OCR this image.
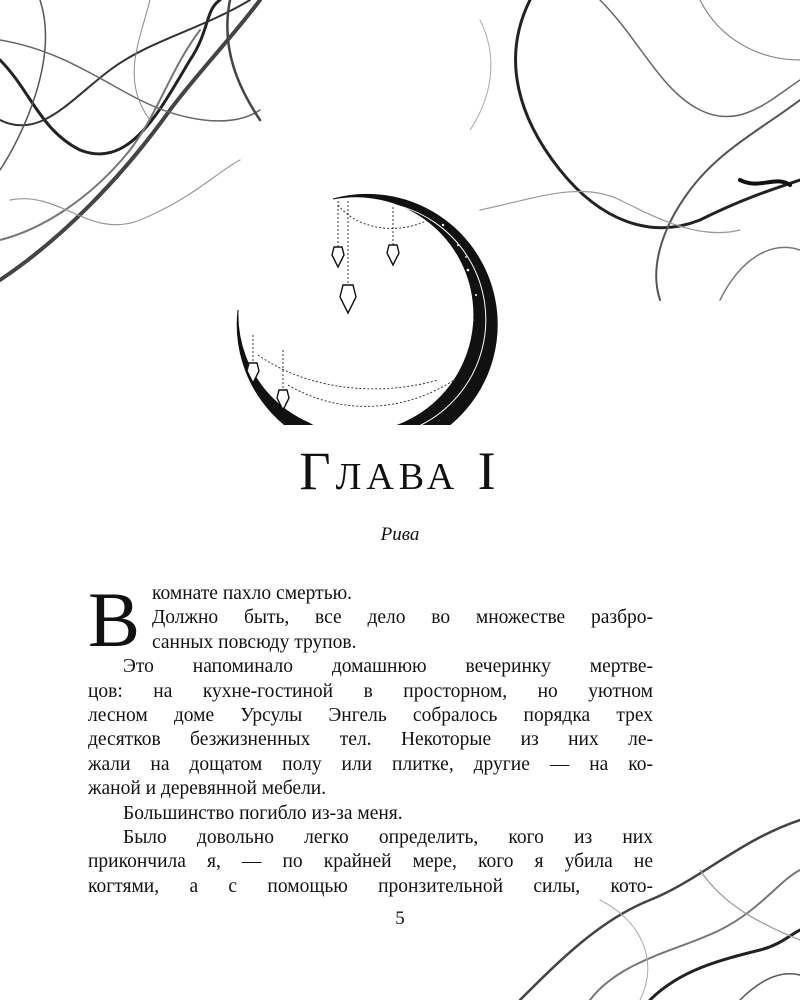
Глава I
Рива
В комнате пахло смертью.

Должно быть, все дело во множестве разбро-

санных повсюду трупов.

Это напоминало домашнюю вечеринку мертве-

цов: на кухне-гостиной в просторном, но уютном

лесном доме Урсулы Энгель собралось порядка трех

десятков безжизненных тел. Некоторые из них ле-

жали на дощатом полу или плитке, другие — на ко-

жаной и деревянной мебели.

Большинство погибло из-за меня.

Было довольно легко определить, кого из них

прикончила я, — по крайней мере, кого я убила не

когтями, а с помощью пронзительной силы, кото-

5
